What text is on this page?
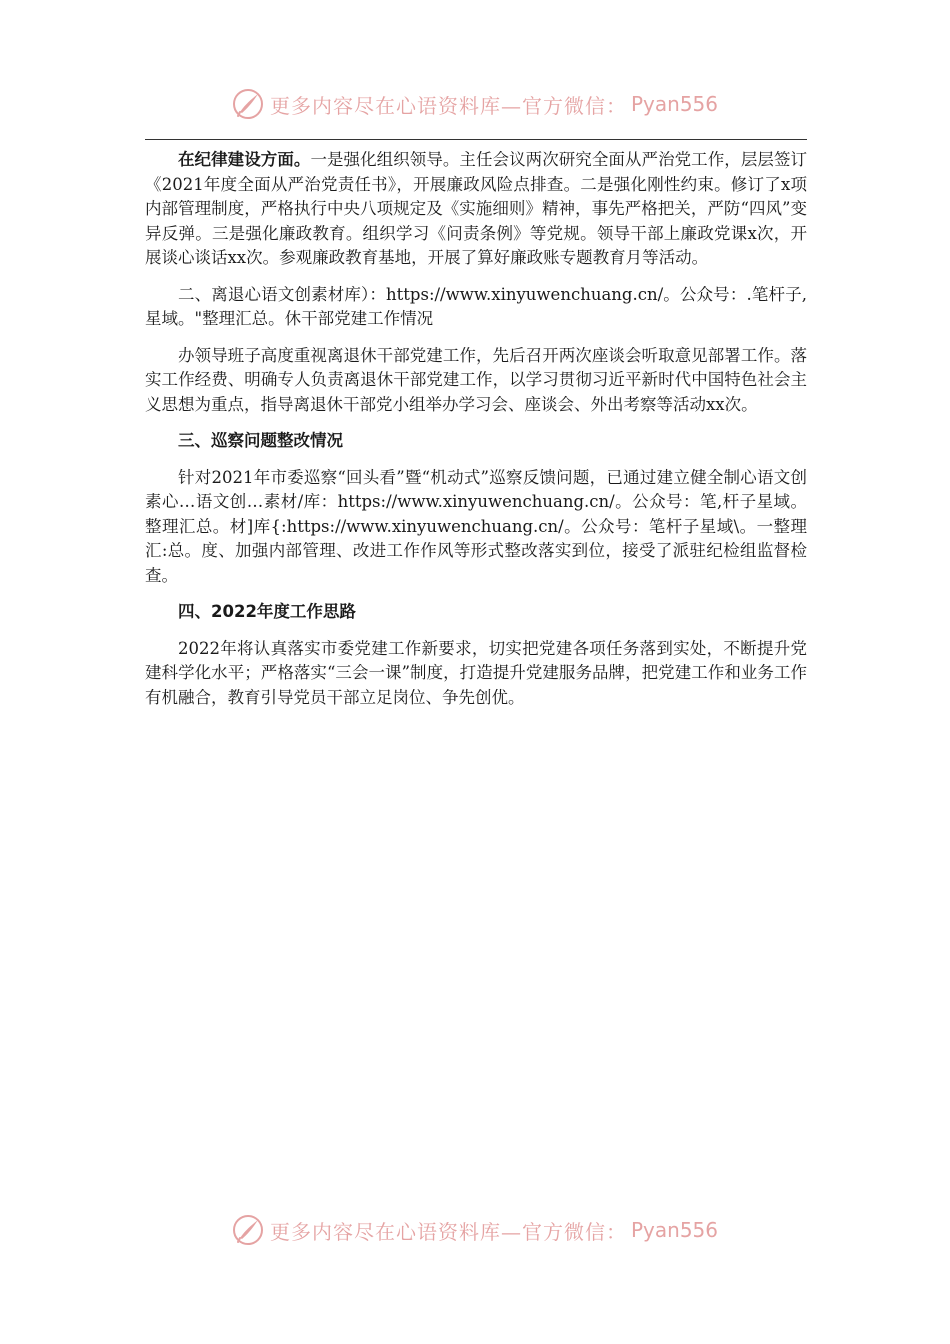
更多内容尽在心语资料库—官方微信： Pyan556

在纪律建设方面。一是强化组织领导。主任会议两次研究全面从严治党工作，层层签订《2021年度全面从严治党责任书》，开展廉政风险点排查。二是强化刚性约束。修订了x项内部管理制度，严格执行中央八项规定及《实施细则》精神，事先严格把关，严防“四风”变异反弹。三是强化廉政教育。组织学习《问责条例》等党规。领导干部上廉政党课x次，开展谈心谈话xx次。参观廉政教育基地，开展了算好廉政账专题教育月等活动。

二、离退心语文创素材库）：https://www.xinyuwenchuang.cn/。公众号：.笔杆子,星域。"整理汇总。休干部党建工作情况

办领导班子高度重视离退休干部党建工作，先后召开两次座谈会听取意见部署工作。落实工作经费、明确专人负责离退休干部党建工作，以学习贯彻习近平新时代中国特色社会主义思想为重点，指导离退休干部党小组举办学习会、座谈会、外出考察等活动xx次。

三、巡察问题整改情况

针对2021年市委巡察“回头看”暨“机动式”巡察反馈问题，已通过建立健全制心语文创素心…语文创…素材/库：https://www.xinyuwenchuang.cn/。公众号：笔,杆子星域。整理汇总。材]库{:https://www.xinyuwenchuang.cn/。公众号：笔杆子星域\。一整理汇:总。度、加强内部管理、改进工作作风等形式整改落实到位，接受了派驻纪检组监督检查。

四、2022年度工作思路

2022年将认真落实市委党建工作新要求，切实把党建各项任务落到实处，不断提升党建科学化水平；严格落实“三会一课”制度，打造提升党建服务品牌，把党建工作和业务工作有机融合，教育引导党员干部立足岗位、争先创优。

更多内容尽在心语资料库—官方微信： Pyan556
